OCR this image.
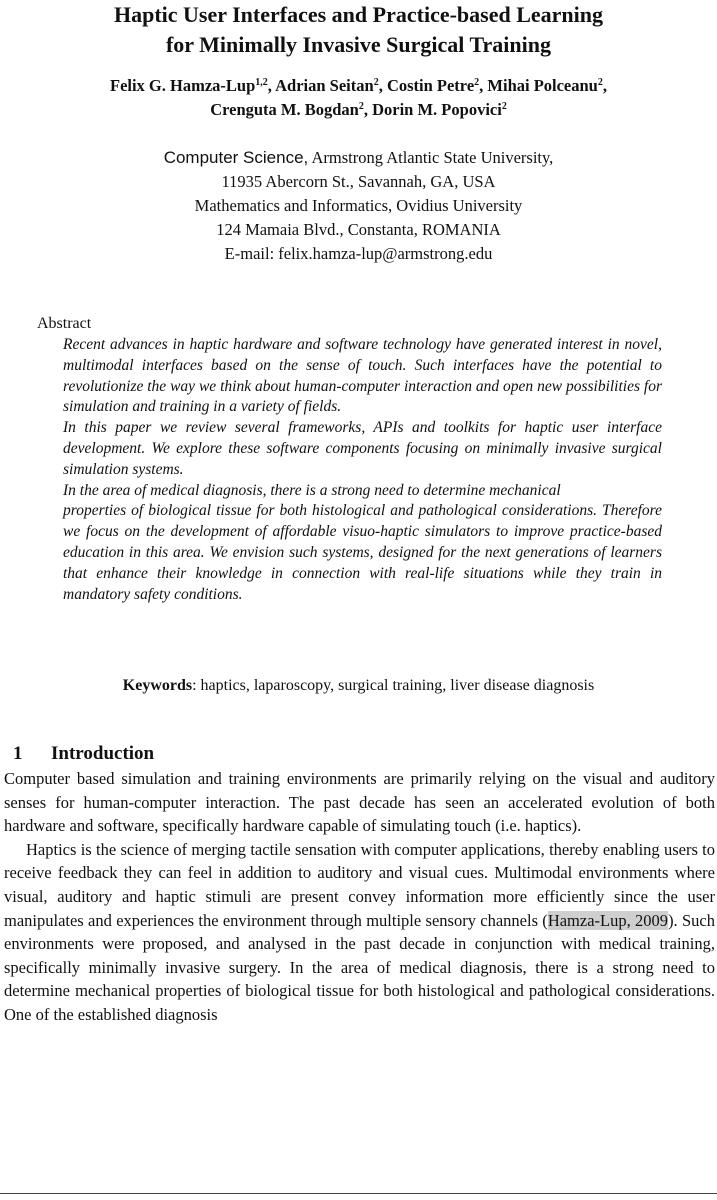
Haptic User Interfaces and Practice-based Learning
for Minimally Invasive Surgical Training
Felix G. Hamza-Lup$^{1,2}$, Adrian Seitan$^2$, Costin Petre$^2$, Mihai Polceanu$^2$,
Crenguta M. Bogdan$^2$, Dorin M. Popovici$^2$
Computer Science, Armstrong Atlantic State University,
11935 Abercorn St., Savannah, GA, USA
Mathematics and Informatics, Ovidius University
124 Mamaia Blvd., Constanta, ROMANIA
E-mail: felix.hamza-lup@armstrong.edu
Abstract

Recent advances in haptic hardware and software technology have generated interest in novel, multimodal interfaces based on the sense of touch. Such interfaces have the potential to revolutionize the way we think about human-computer interaction and open new possibilities for simulation and training in a variety of fields.

In this paper we review several frameworks, APIs and toolkits for haptic user interface development. We explore these software components focusing on minimally invasive surgical simulation systems.

In the area of medical diagnosis, there is a strong need to determine mechanical

properties of biological tissue for both histological and pathological considerations. Therefore we focus on the development of affordable visuo-haptic simulators to improve practice-based education in this area. We envision such systems, designed for the next generations of learners that enhance their knowledge in connection with real-life situations while they train in mandatory safety conditions.

Keywords: haptics, laparoscopy, surgical training, liver disease diagnosis
1 Introduction

Computer based simulation and training environments are primarily relying on the visual and auditory senses for human-computer interaction. The past decade has seen an accelerated evolution of both hardware and software, specifically hardware capable of simulating touch (i.e. haptics).

Haptics is the science of merging tactile sensation with computer applications, thereby enabling users to receive feedback they can feel in addition to auditory and visual cues. Multimodal environments where visual, auditory and haptic stimuli are present convey information more efficiently since the user manipulates and experiences the environment through multiple sensory channels (Hamza-Lup, 2009). Such environments were proposed, and analysed in the past decade in conjunction with medical training, specifically minimally invasive surgery. In the area of medical diagnosis, there is a strong need to determine mechanical properties of biological tissue for both histological and pathological considerations. One of the established diagnosis
